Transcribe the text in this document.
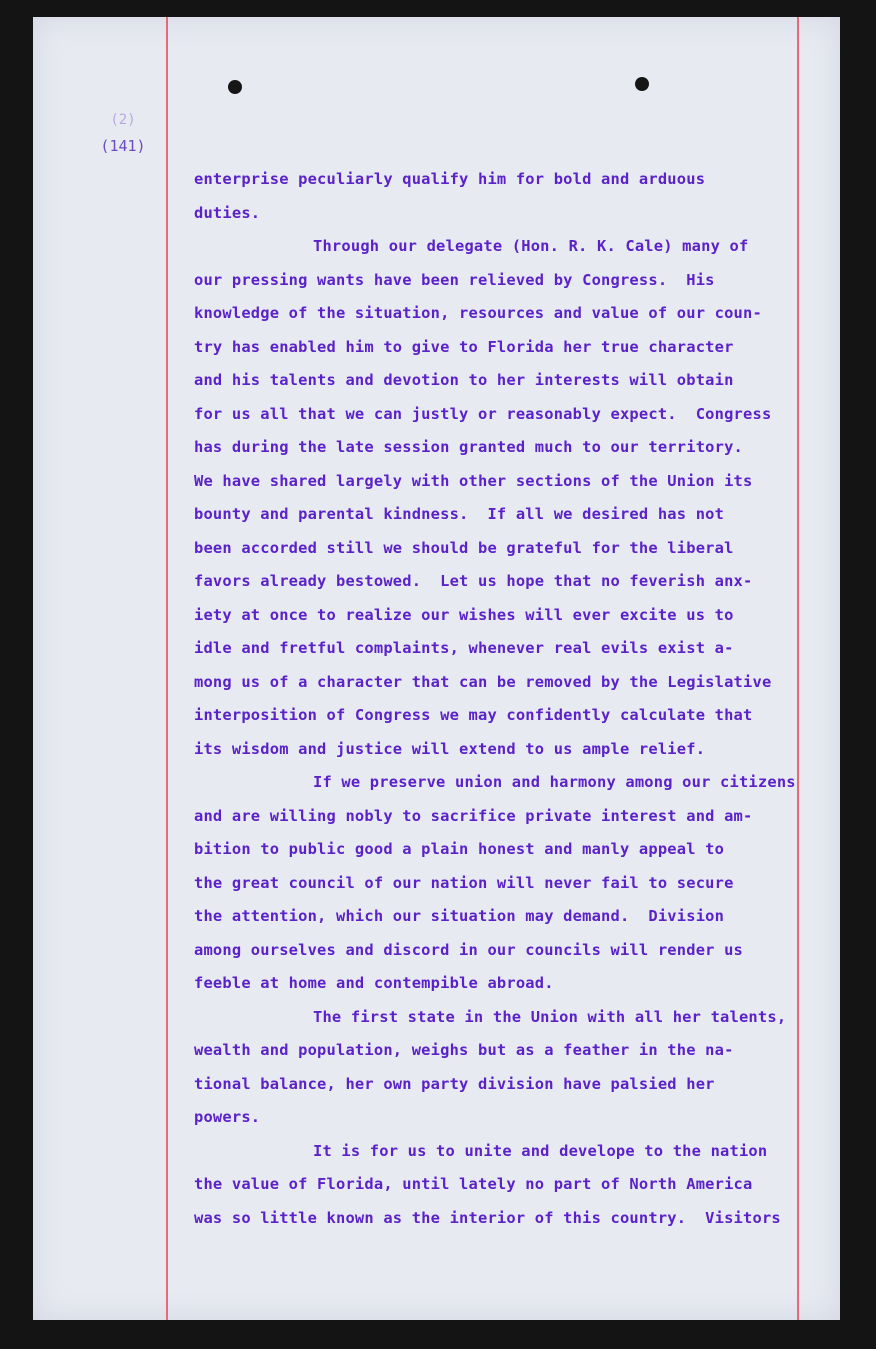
(2)
(141)
enterprise peculiarly qualify him for bold and arduous
duties.
Through our delegate (Hon. R. K. Cale) many of
our pressing wants have been relieved by Congress.  His
knowledge of the situation, resources and value of our coun-
try has enabled him to give to Florida her true character
and his talents and devotion to her interests will obtain
for us all that we can justly or reasonably expect.  Congress
has during the late session granted much to our territory.
We have shared largely with other sections of the Union its
bounty and parental kindness.  If all we desired has not
been accorded still we should be grateful for the liberal
favors already bestowed.  Let us hope that no feverish anx-
iety at once to realize our wishes will ever excite us to
idle and fretful complaints, whenever real evils exist a-
mong us of a character that can be removed by the Legislative
interposition of Congress we may confidently calculate that
its wisdom and justice will extend to us ample relief.
If we preserve union and harmony among our citizens
and are willing nobly to sacrifice private interest and am-
bition to public good a plain honest and manly appeal to
the great council of our nation will never fail to secure
the attention, which our situation may demand.  Division
among ourselves and discord in our councils will render us
feeble at home and contempible abroad.
The first state in the Union with all her talents,
wealth and population, weighs but as a feather in the na-
tional balance, her own party division have palsied her
powers.
It is for us to unite and develope to the nation
the value of Florida, until lately no part of North America
was so little known as the interior of this country.  Visitors
